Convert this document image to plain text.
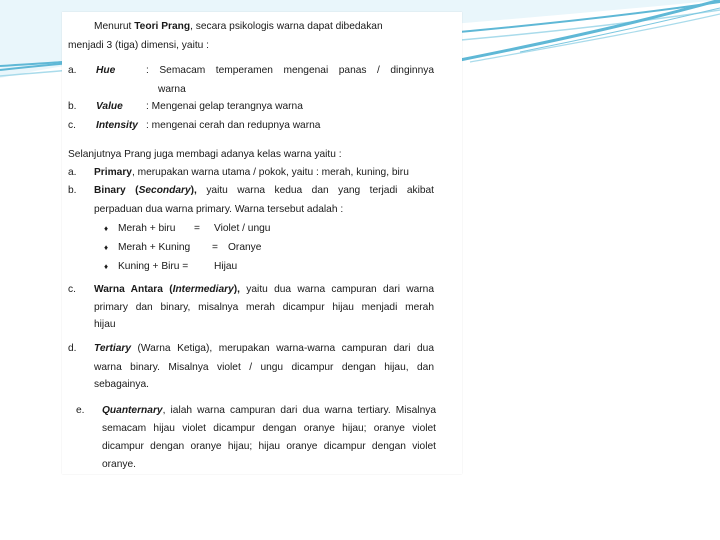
Menurut Teori Prang, secara psikologis warna dapat dibedakan
menjadi 3 (tiga) dimensi, yaitu :
a. Hue	: Semacam temperamen mengenai panas / dinginnya
warna
b. Value : Mengenai gelap terangnya warna
c. Intensity : mengenai cerah dan redupnya warna
Selanjutnya Prang juga membagi adanya kelas warna yaitu :
a. Primary, merupakan warna utama / pokok, yaitu : merah, kuning, biru
b. Binary (Secondary), yaitu warna kedua dan yang terjadi akibat
perpaduan dua warna primary. Warna tersebut adalah :
♦ Merah + biru = Violet / ungu
♦ Merah + Kuning = Oranye
♦ Kuning + Biru =	Hijau
c. Warna Antara (Intermediary), yaitu dua warna campuran dari warna
primary dan binary, misalnya merah dicampur hijau menjadi merah
hijau
d. Tertiary (Warna Ketiga), merupakan warna-warna campuran dari dua
warna binary. Misalnya violet / ungu dicampur dengan hijau, dan
sebagainya.
e. Quanternary, ialah warna campuran dari dua warna tertiary. Misalnya
semacam hijau violet dicampur dengan oranye hijau; oranye violet
dicampur dengan oranye hijau; hijau oranye dicampur dengan violet
oranye.
